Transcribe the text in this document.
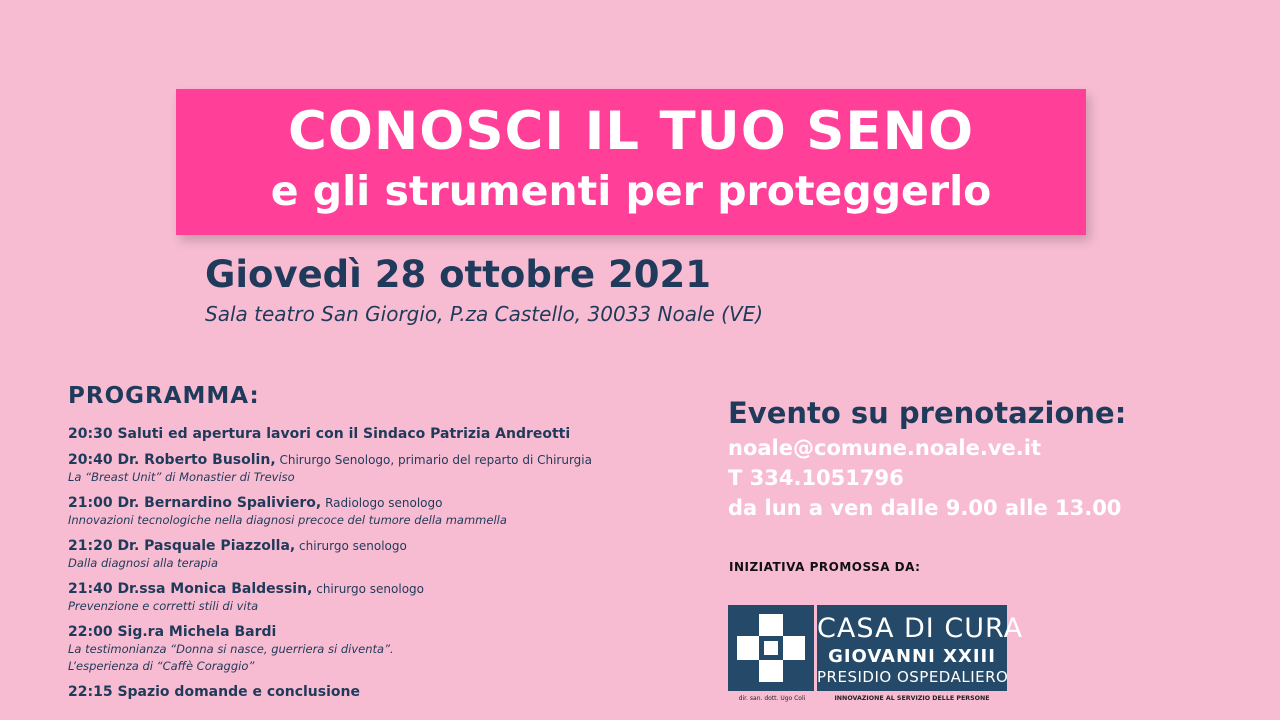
CONOSCI IL TUO SENO
e gli strumenti per proteggerlo
Giovedì 28 ottobre 2021
Sala teatro San Giorgio, P.za Castello, 30033 Noale (VE)
PROGRAMMA:
20:30 Saluti ed apertura lavori con il Sindaco Patrizia Andreotti
20:40 Dr. Roberto Busolin, Chirurgo Senologo, primario del reparto di Chirurgia
La “Breast Unit” di Monastier di Treviso
21:00 Dr. Bernardino Spaliviero, Radiologo senologo
Innovazioni tecnologiche nella diagnosi precoce del tumore della mammella
21:20 Dr. Pasquale Piazzolla, chirurgo senologo
Dalla diagnosi alla terapia
21:40 Dr.ssa Monica Baldessin, chirurgo senologo
Prevenzione e corretti stili di vita
22:00 Sig.ra Michela Bardi
La testimonianza “Donna si nasce, guerriera si diventa”.
L’esperienza di “Caffè Coraggio”
22:15 Spazio domande e conclusione
Evento su prenotazione:
noale@comune.noale.ve.it
T 334.1051796
da lun a ven dalle 9.00 alle 13.00
INIZIATIVA PROMOSSA DA:
CASA DI CURA
GIOVANNI XXIII
PRESIDIO OSPEDALIERO
dir. san. dott. Ugo Coli	INNOVAZIONE AL SERVIZIO DELLE PERSONE
